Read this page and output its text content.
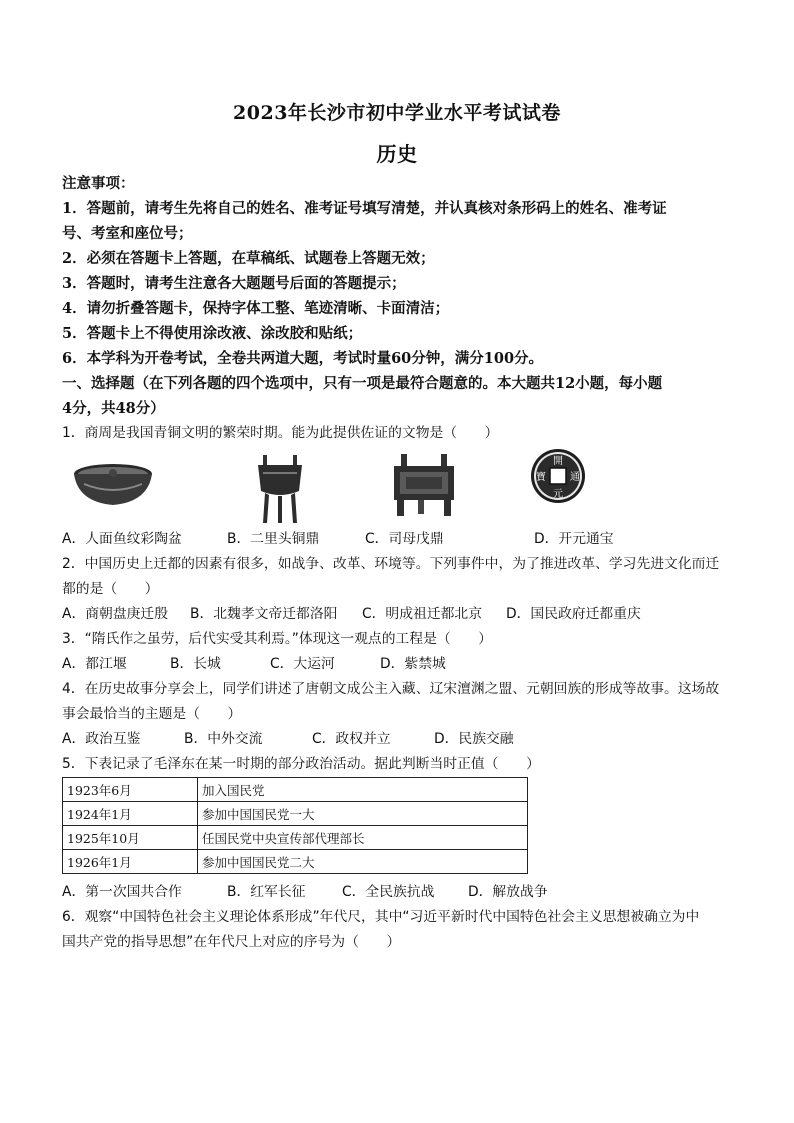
2023年长沙市初中学业水平考试试卷
历史
注意事项：
1．答题前，请考生先将自己的姓名、准考证号填写清楚，并认真核对条形码上的姓名、准考证
号、考室和座位号；
2．必须在答题卡上答题，在草稿纸、试题卷上答题无效；
3．答题时，请考生注意各大题题号后面的答题提示；
4．请勿折叠答题卡，保持字体工整、笔迹清晰、卡面清洁；
5．答题卡上不得使用涂改液、涂改胶和贴纸；
6．本学科为开卷考试，全卷共两道大题，考试时量60分钟，满分100分。
一、选择题（在下列各题的四个选项中，只有一项是最符合题意的。本大题共12小题，每小题
4分，共48分）
1．商周是我国青铜文明的繁荣时期。能为此提供佐证的文物是（　　）
開
元
通
寶
A．人面鱼纹彩陶盆	B．二里头铜鼎	C．司母戊鼎	D．开元通宝
2．中国历史上迁都的因素有很多，如战争、改革、环境等。下列事件中，为了推进改革、学习先进文化而迁
都的是（　　）
A．商朝盘庚迁殷 B．北魏孝文帝迁都洛阳 C．明成祖迁都北京 D．国民政府迁都重庆
3．“隋氏作之虽劳，后代实受其利焉。”体现这一观点的工程是（　　）
A．都江堰	B．长城	C．大运河	D．紫禁城
4．在历史故事分享会上，同学们讲述了唐朝文成公主入藏、辽宋澶渊之盟、元朝回族的形成等故事。这场故
事会最恰当的主题是（　　）
A．政治互鉴	B．中外交流	C．政权并立	D．民族交融
5．下表记录了毛泽东在某一时期的部分政治活动。据此判断当时正值（　　）
1923年6月	加入国民党
1924年1月	参加中国国民党一大
1925年10月	任国民党中央宣传部代理部长
1926年1月	参加中国国民党二大
A．第一次国共合作	B．红军长征	C．全民族抗战 D．解放战争
6．观察“中国特色社会主义理论体系形成”年代尺，其中“习近平新时代中国特色社会主义思想被确立为中
国共产党的指导思想”在年代尺上对应的序号为（　　）
